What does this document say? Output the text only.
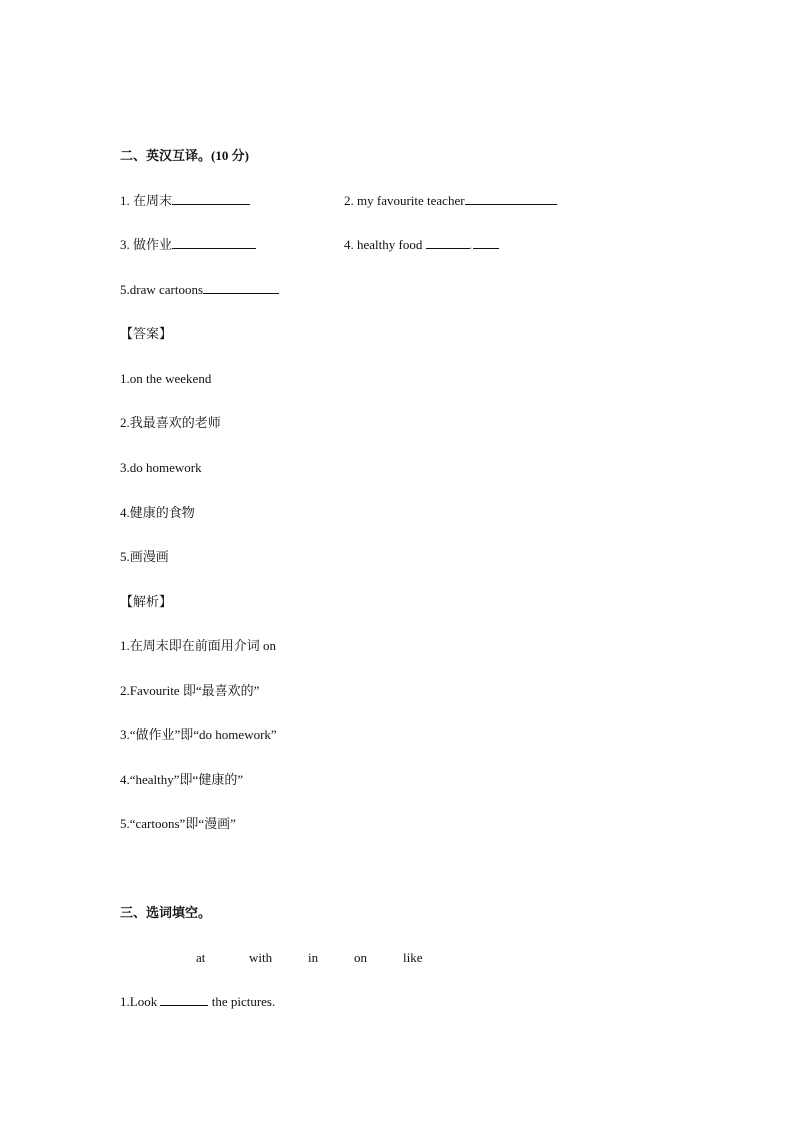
二、英汉互译。(10 分)
1. 在周末	2. my favourite teacher
3. 做作业	4. healthy food	.
5.draw cartoons
【答案】
1.on the weekend
2.我最喜欢的老师
3.do homework
4.健康的食物
5.画漫画
【解析】
1.在周末即在前面用介词 on
2.Favourite 即“最喜欢的”
3.“做作业”即“do homework”
4.“healthy”即“健康的”
5.“cartoons”即“漫画”
三、选词填空。
at	with	in	on	like
1.Look	the pictures.
